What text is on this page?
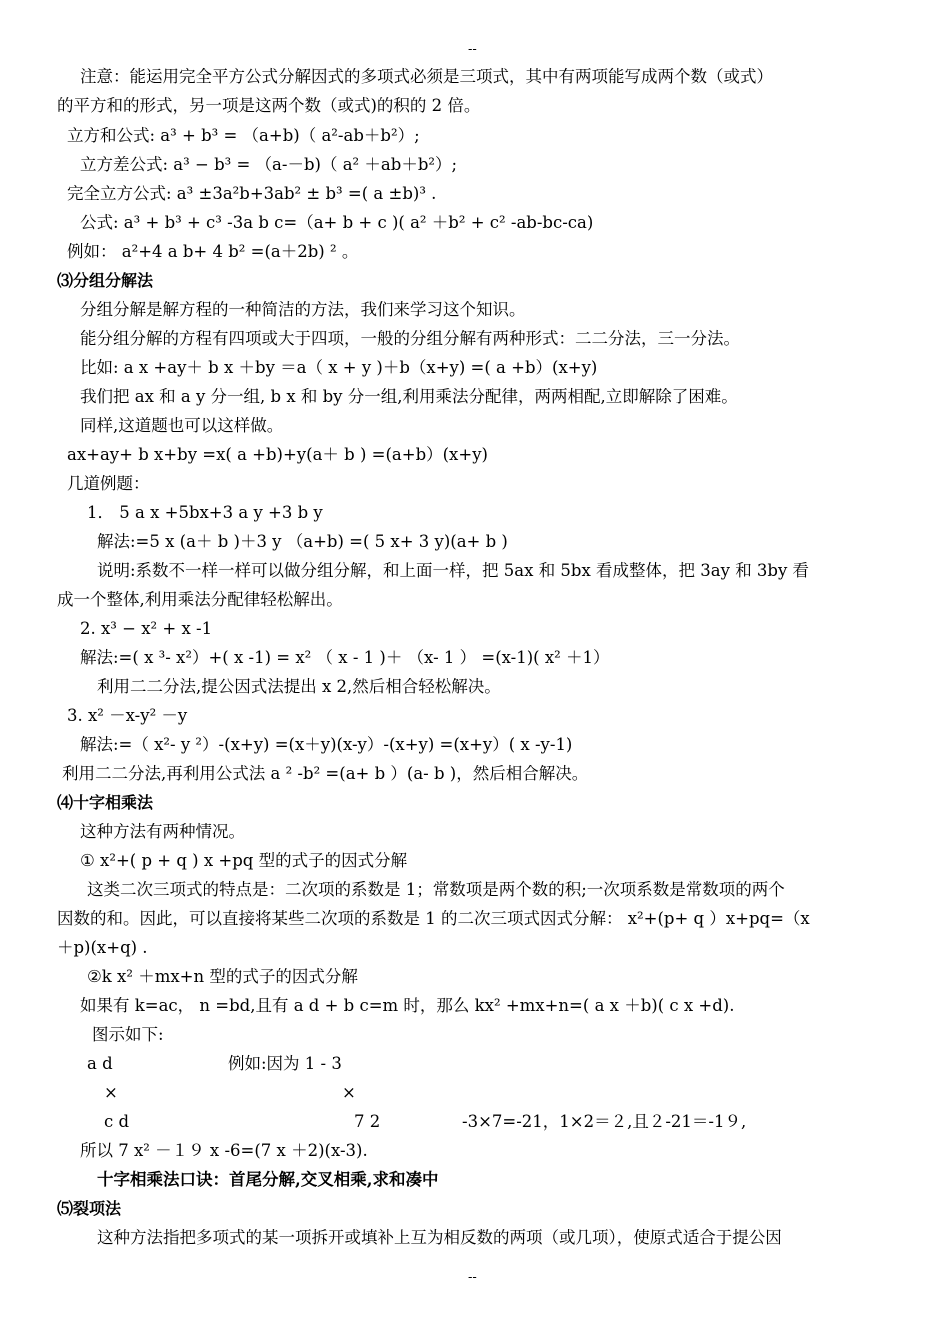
--
注意：能运用完全平方公式分解因式的多项式必须是三项式，其中有两项能写成两个数（或式）
的平方和的形式，另一项是这两个数（或式)的积的 2 倍。
立方和公式: a³ + b³ = （a+b)（ a²-ab＋b²）;
立方差公式: a³ − b³ = （a-－b)（ a² ＋ab＋b²）;
完全立方公式: a³ ±3a²b+3ab² ± b³ =( a ±b)³ .
公式: a³ + b³ + c³ -3a b c=（a+ b + c )( a² ＋b² + c² -ab-bc-ca)
例如： a²+4 a b+ 4 b² =(a＋2b) ² 。
⑶分组分解法
分组分解是解方程的一种简洁的方法，我们来学习这个知识。
能分组分解的方程有四项或大于四项，一般的分组分解有两种形式：二二分法，三一分法。
比如: a x +ay＋ b x ＋by ＝a（ x + y )＋b（x+y) =( a +b）(x+y)
我们把 ax 和 a y 分一组, b x 和 by 分一组,利用乘法分配律，两两相配,立即解除了困难。
同样,这道题也可以这样做。
ax+ay+ b x+by =x( a +b)+y(a＋ b ) =(a+b）(x+y)
几道例题：
1． 5 a x +5bx+3 a y +3 b y
解法:=5 x (a＋ b )＋3 y （a+b) =( 5 x+ 3 y)(a+ b )
说明:系数不一样一样可以做分组分解，和上面一样，把 5ax 和 5bx 看成整体，把 3ay 和 3by 看
成一个整体,利用乘法分配律轻松解出。
2. x³ − x² + x -1
解法:=( x ³- x²）+( x -1) = x² （ x - 1 )＋ （x- 1 ） =(x-1)( x² ＋1）
利用二二分法,提公因式法提出 x 2,然后相合轻松解决。
3. x² －x-y² －y
解法:=（ x²- y ²）-(x+y) =(x＋y)(x-y）-(x+y) =(x+y）( x -y-1)
利用二二分法,再利用公式法 a ² -b² =(a+ b ）(a- b )，然后相合解决。
⑷十字相乘法
这种方法有两种情况。
① x²+( p + q ) x +pq 型的式子的因式分解
这类二次三项式的特点是：二次项的系数是 1；常数项是两个数的积;一次项系数是常数项的两个
因数的和。因此，可以直接将某些二次项的系数是 1 的二次三项式因式分解： x²+(p+ q ）x+pq=（x
＋p)(x+q) .
②k x² ＋mx+n 型的式子的因式分解
如果有 k=ac， n =bd,且有 a d + b c=m 时，那么 kx² +mx+n=( a x ＋b)( c x +d).
图示如下:
a d	例如:因为 1 - 3
×	×
c d	7 2	-3×7=-21，1×2＝２,且２-21＝-1９,
所以 7 x² －１９ x -6=(7 x ＋2)(x-3).
十字相乘法口诀：首尾分解,交叉相乘,求和凑中
⑸裂项法
这种方法指把多项式的某一项拆开或填补上互为相反数的两项（或几项），使原式适合于提公因
--
